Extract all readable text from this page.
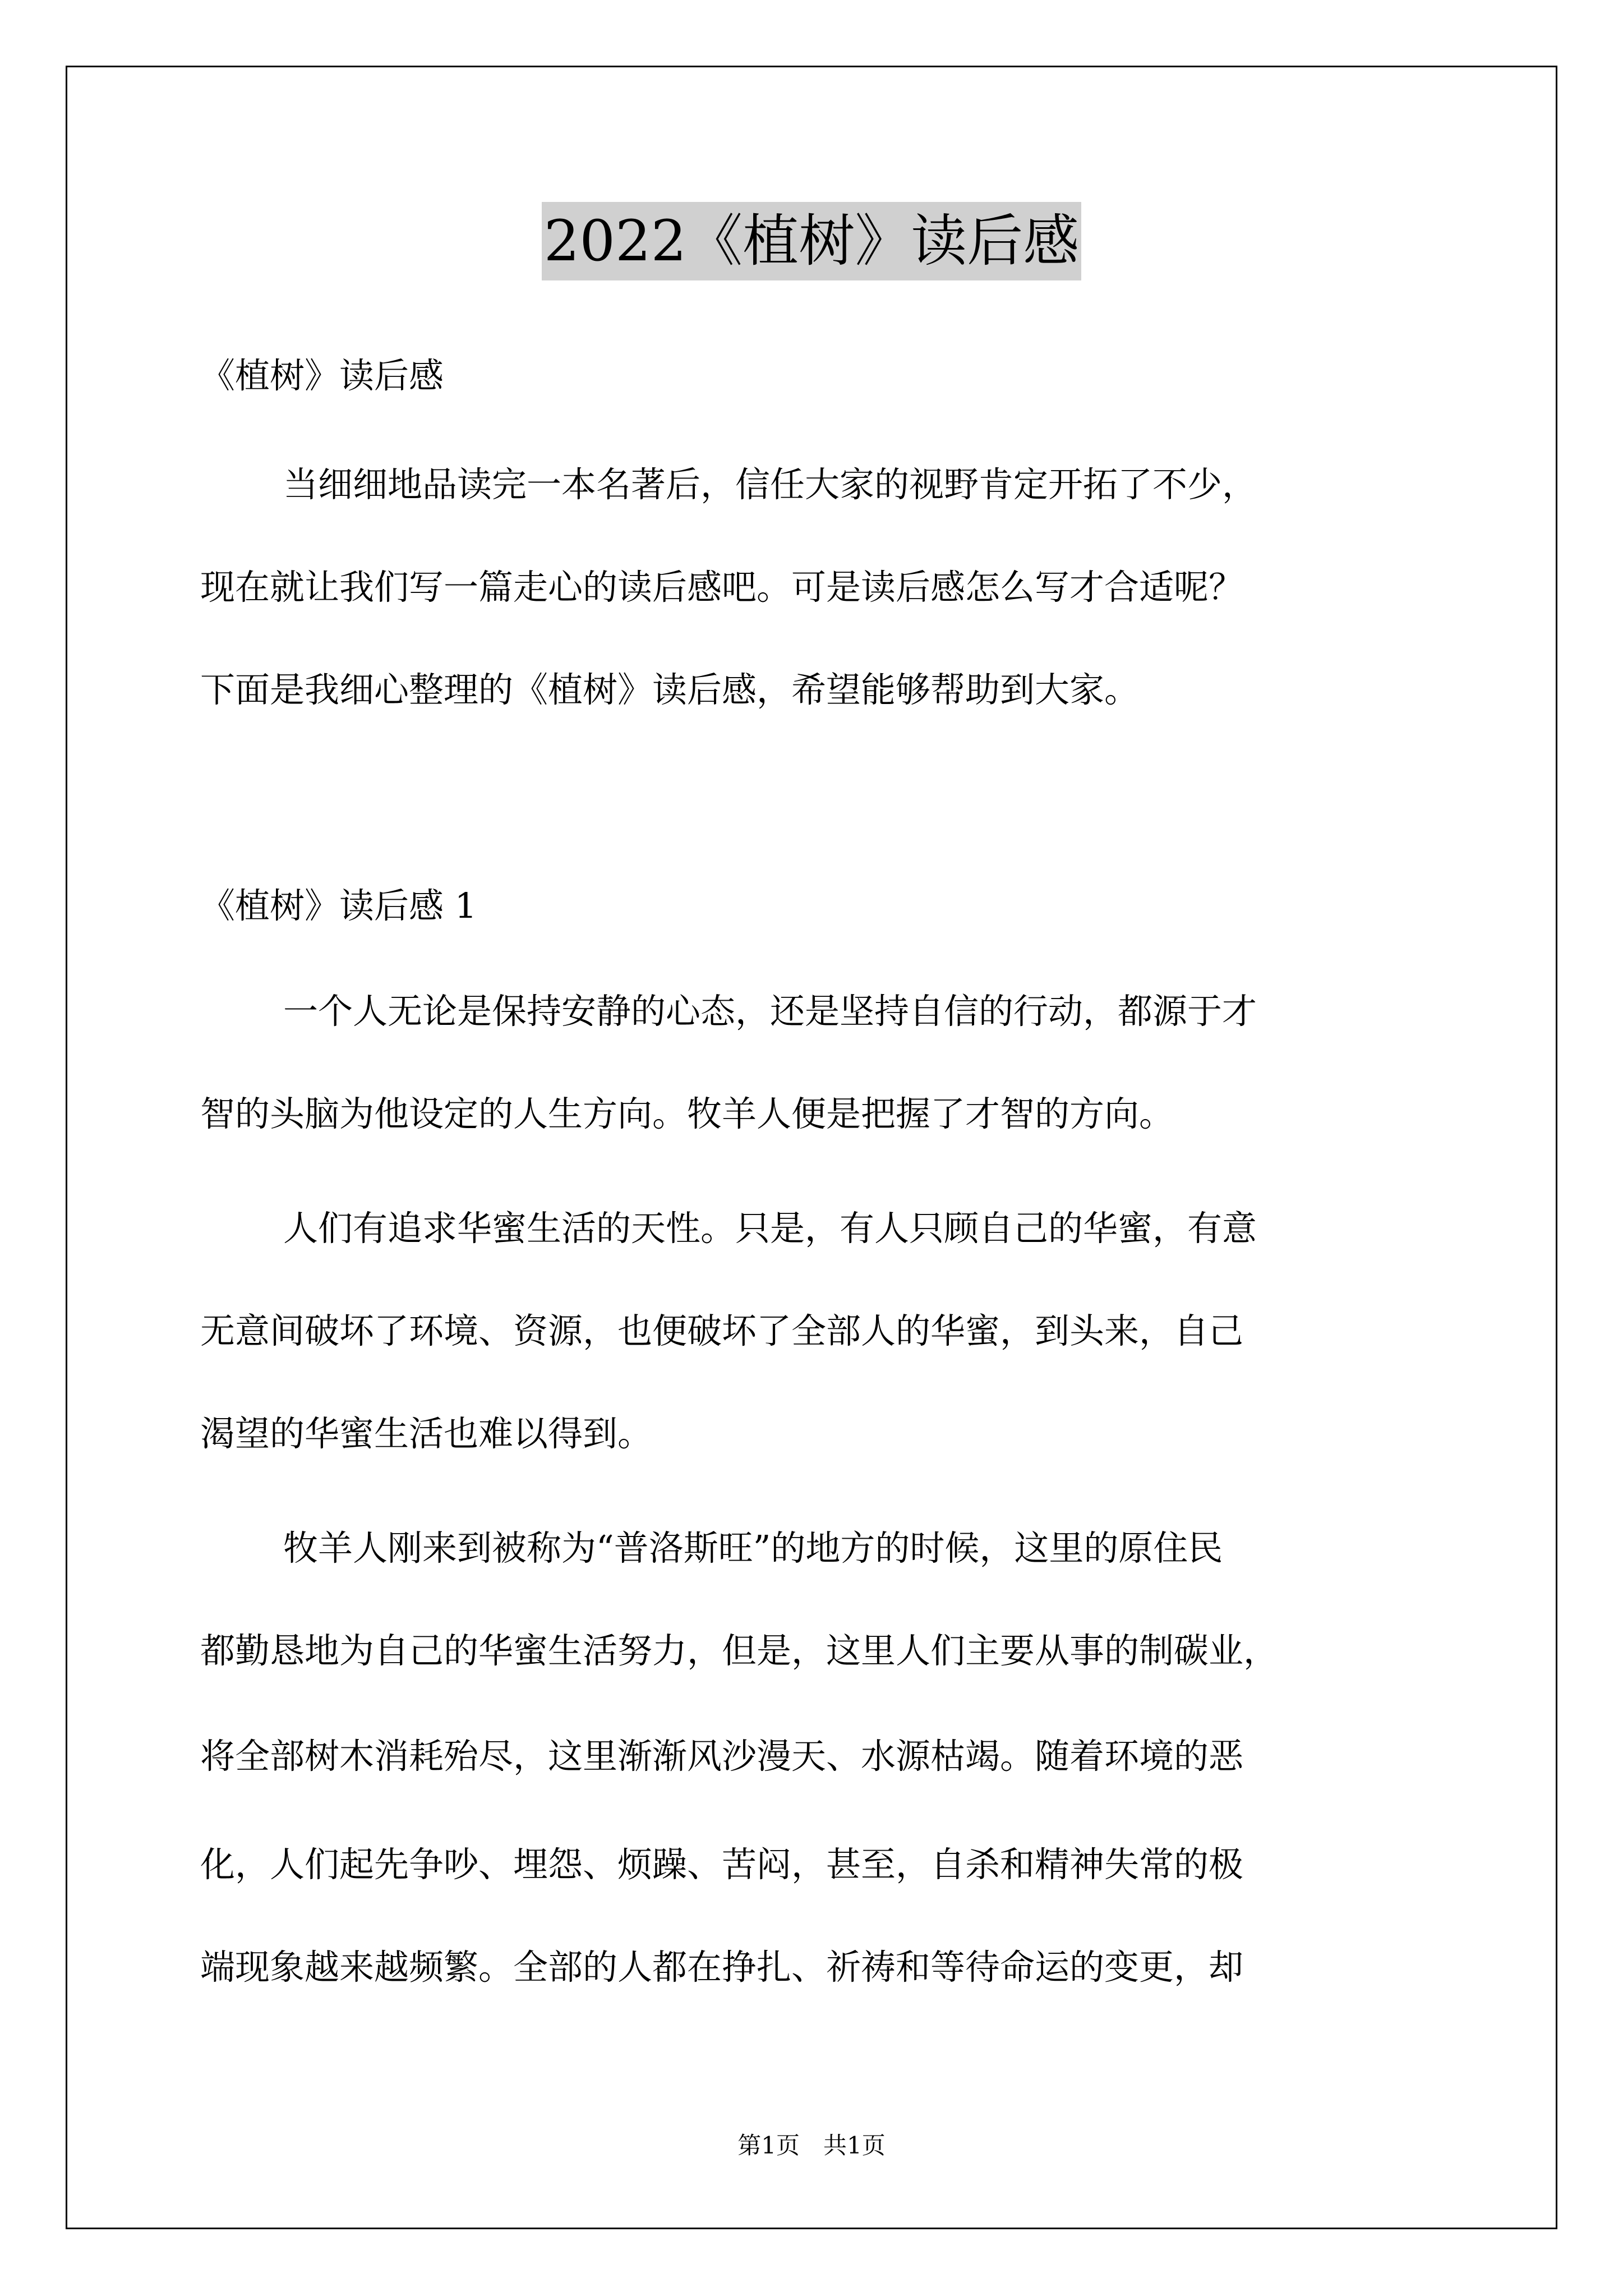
2022《植树》读后感
《植树》读后感
当细细地品读完一本名著后，信任大家的视野肯定开拓了不少，
现在就让我们写一篇走心的读后感吧。可是读后感怎么写才合适呢？
下面是我细心整理的《植树》读后感，希望能够帮助到大家。
《植树》读后感 1
一个人无论是保持安静的心态，还是坚持自信的行动，都源于才
智的头脑为他设定的人生方向。牧羊人便是把握了才智的方向。
人们有追求华蜜生活的天性。只是，有人只顾自己的华蜜，有意
无意间破坏了环境、资源，也便破坏了全部人的华蜜，到头来，自己
渴望的华蜜生活也难以得到。
牧羊人刚来到被称为“普洛斯旺”的地方的时候，这里的原住民
都勤恳地为自己的华蜜生活努力，但是，这里人们主要从事的制碳业，
将全部树木消耗殆尽，这里渐渐风沙漫天、水源枯竭。随着环境的恶
化，人们起先争吵、埋怨、烦躁、苦闷，甚至，自杀和精神失常的极
端现象越来越频繁。全部的人都在挣扎、祈祷和等待命运的变更，却
第1页　共1页
